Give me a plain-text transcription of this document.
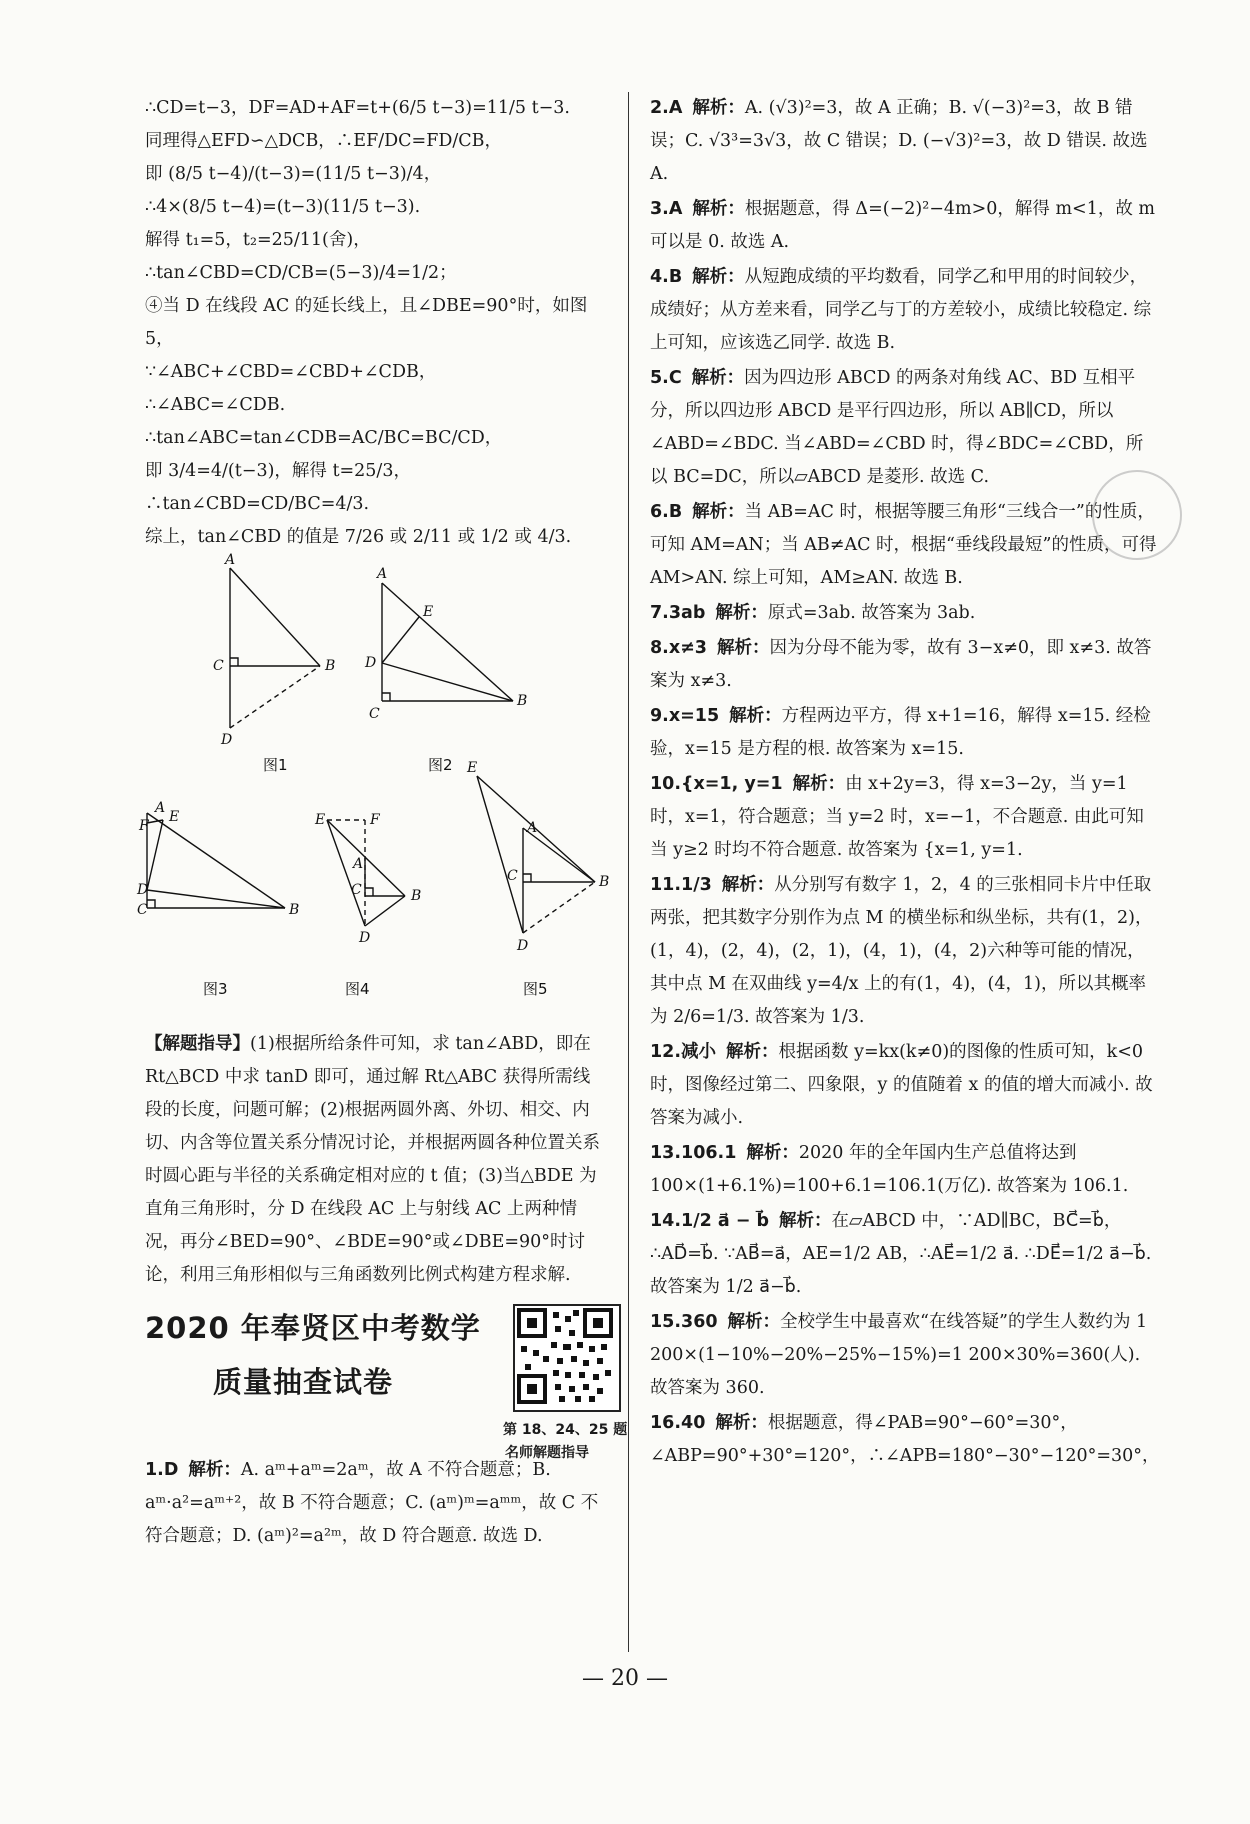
∴CD=t−3，DF=AD+AF=t+(6/5 t−3)=11/5 t−3.
同理得△EFD∽△DCB，∴EF/DC=FD/CB，
即 (8/5 t−4)/(t−3)=(11/5 t−3)/4，
∴4×(8/5 t−4)=(t−3)(11/5 t−3).
解得 t₁=5，t₂=25/11(舍)，
∴tan∠CBD=CD/CB=(5−3)/4=1/2；
④当 D 在线段 AC 的延长线上，且∠DBE=90°时，如图 5，
∵∠ABC+∠CBD=∠CBD+∠CDB，
∴∠ABC=∠CDB.
∴tan∠ABC=tan∠CDB=AC/BC=BC/CD，
即 3/4=4/(t−3)，解得 t=25/3，∴tan∠CBD=CD/BC=4/3.
综上，tan∠CBD 的值是 7/26 或 2/11 或 1/2 或 4/3.
A
C	B
D
A
E
D
C
B
图1	图2
A
E
F
D
C	B
E	F
A
C	B
D
E
A
C	B
D
图3	图4	图5
【解题指导】(1)根据所给条件可知，求 tan∠ABD，即在 Rt△BCD 中求 tanD 即可，通过解 Rt△ABC 获得所需线段的长度，问题可解；(2)根据两圆外离、外切、相交、内切、内含等位置关系分情况讨论，并根据两圆各种位置关系时圆心距与半径的关系确定相对应的 t 值；(3)当△BDE 为直角三角形时，分 D 在线段 AC 上与射线 AC 上两种情况，再分∠BED=90°、∠BDE=90°或∠DBE=90°时讨论，利用三角形相似与三角函数列比例式构建方程求解.
2020 年奉贤区中考数学
质量抽查试卷
第 18、24、25 题
名师解题指导
1.D 解析：A. aᵐ+aᵐ=2aᵐ，故 A 不符合题意；B. aᵐ·a²=aᵐ⁺²，故 B 不符合题意；C. (aᵐ)ᵐ=aᵐᵐ，故 C 不符合题意；D. (aᵐ)²=a²ᵐ，故 D 符合题意. 故选 D.
2.A 解析：A. (√3)²=3，故 A 正确；B. √(−3)²=3，故 B 错误；C. √3³=3√3，故 C 错误；D. (−√3)²=3，故 D 错误. 故选 A.
3.A 解析：根据题意，得 Δ=(−2)²−4m>0，解得 m<1，故 m 可以是 0. 故选 A.
4.B 解析：从短跑成绩的平均数看，同学乙和甲用的时间较少，成绩好；从方差来看，同学乙与丁的方差较小，成绩比较稳定. 综上可知，应该选乙同学. 故选 B.
5.C 解析：因为四边形 ABCD 的两条对角线 AC、BD 互相平分，所以四边形 ABCD 是平行四边形，所以 AB∥CD，所以∠ABD=∠BDC. 当∠ABD=∠CBD 时，得∠BDC=∠CBD，所以 BC=DC，所以▱ABCD 是菱形. 故选 C.
6.B 解析：当 AB=AC 时，根据等腰三角形“三线合一”的性质，可知 AM=AN；当 AB≠AC 时，根据“垂线段最短”的性质，可得 AM>AN. 综上可知，AM≥AN. 故选 B.
7.3ab 解析：原式=3ab. 故答案为 3ab.
8.x≠3 解析：因为分母不能为零，故有 3−x≠0，即 x≠3. 故答案为 x≠3.
9.x=15 解析：方程两边平方，得 x+1=16，解得 x=15. 经检验，x=15 是方程的根. 故答案为 x=15.
10.{x=1, y=1 解析：由 x+2y=3，得 x=3−2y，当 y=1 时，x=1，符合题意；当 y=2 时，x=−1，不合题意. 由此可知当 y≥2 时均不符合题意. 故答案为 {x=1, y=1.
11.1/3 解析：从分别写有数字 1，2，4 的三张相同卡片中任取两张，把其数字分别作为点 M 的横坐标和纵坐标，共有(1，2)，(1，4)，(2，4)，(2，1)，(4，1)，(4，2)六种等可能的情况，其中点 M 在双曲线 y=4/x 上的有(1，4)，(4，1)，所以其概率为 2/6=1/3. 故答案为 1/3.
12.减小 解析：根据函数 y=kx(k≠0)的图像的性质可知，k<0 时，图像经过第二、四象限，y 的值随着 x 的值的增大而减小. 故答案为减小.
13.106.1 解析：2020 年的全年国内生产总值将达到 100×(1+6.1%)=100+6.1=106.1(万亿). 故答案为 106.1.
14.1/2 a⃗ − b⃗ 解析：在▱ABCD 中，∵AD∥BC，BC⃗=b⃗，∴AD⃗=b⃗. ∵AB⃗=a⃗，AE=1/2 AB，∴AE⃗=1/2 a⃗. ∴DE⃗=1/2 a⃗−b⃗. 故答案为 1/2 a⃗−b⃗.
15.360 解析：全校学生中最喜欢“在线答疑”的学生人数约为 1 200×(1−10%−20%−25%−15%)=1 200×30%=360(人). 故答案为 360.
16.40 解析：根据题意，得∠PAB=90°−60°=30°，∠ABP=90°+30°=120°，∴∠APB=180°−30°−120°=30°，
— 20 —
